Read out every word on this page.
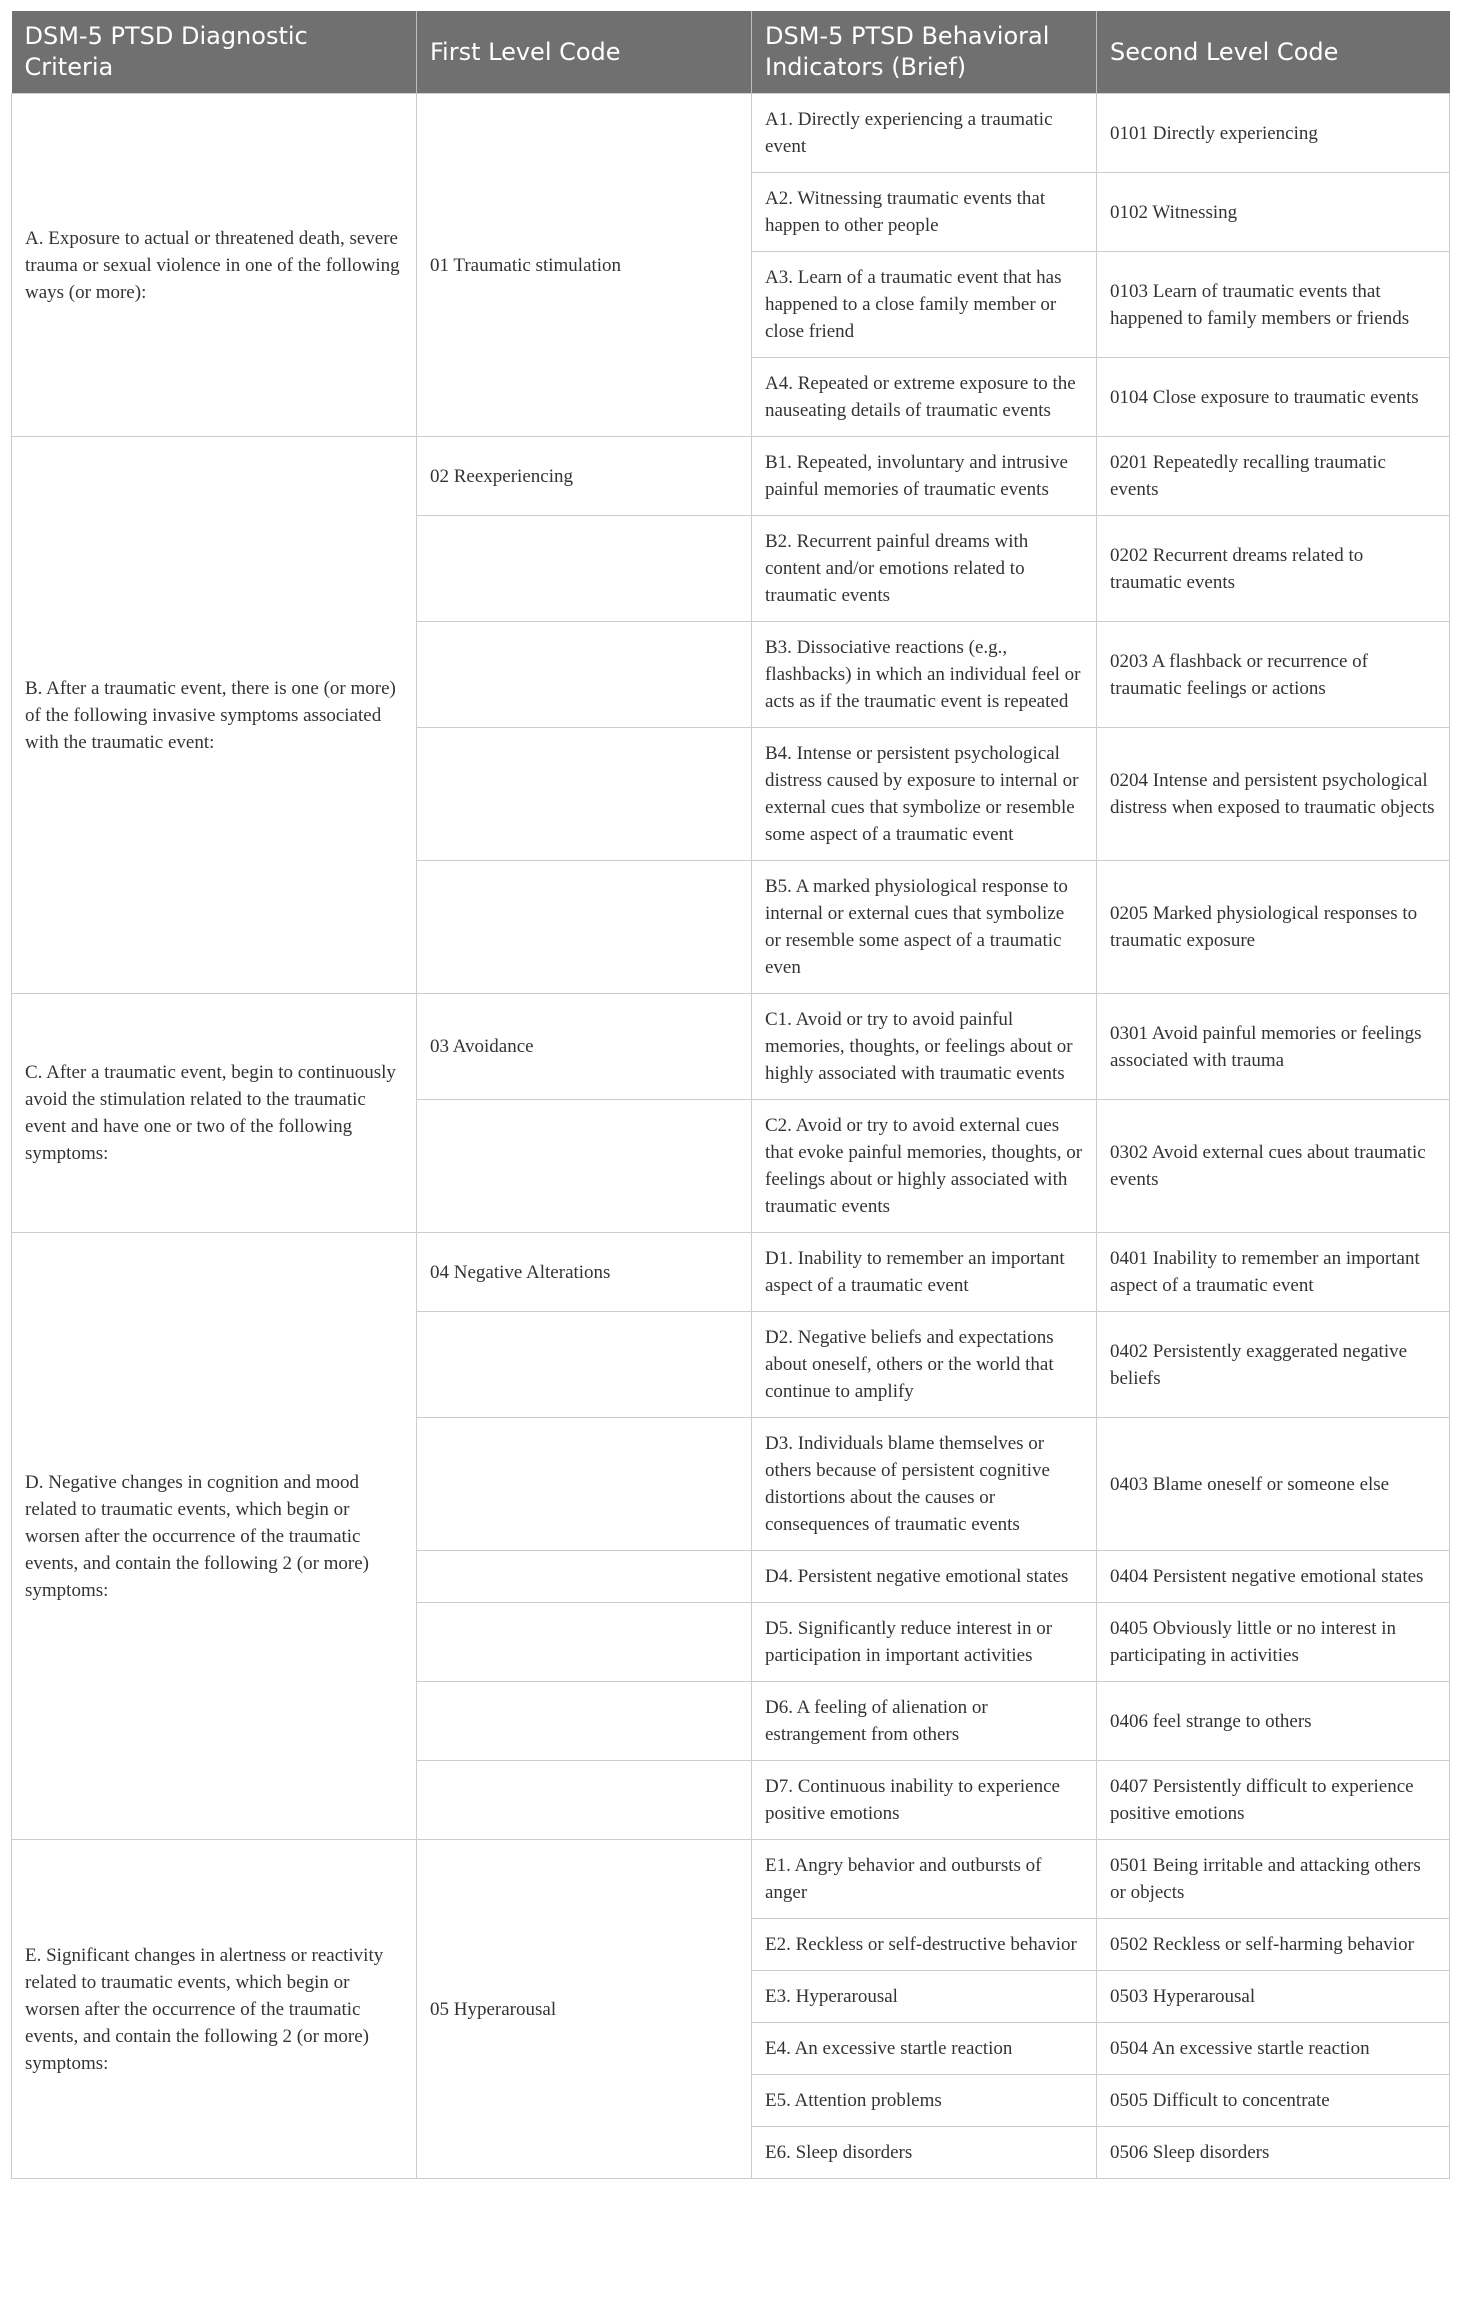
DSM-5 PTSD Diagnostic Criteria	First Level Code	DSM-5 PTSD Behavioral Indicators (Brief)	Second Level Code
A. Exposure to actual or threatened death, severe trauma or sexual violence in one of the following ways (or more):	01 Traumatic stimulation	A1. Directly experiencing a traumatic event	0101 Directly experiencing
		A2. Witnessing traumatic events that happen to other people	0102 Witnessing
		A3. Learn of a traumatic event that has happened to a close family member or close friend	0103 Learn of traumatic events that happened to family members or friends
		A4. Repeated or extreme exposure to the nauseating details of traumatic events	0104 Close exposure to traumatic events
B. After a traumatic event, there is one (or more) of the following invasive symptoms associated with the traumatic event:	02 Reexperiencing	B1. Repeated, involuntary and intrusive painful memories of traumatic events	0201 Repeatedly recalling traumatic events
		B2. Recurrent painful dreams with content and/or emotions related to traumatic events	0202 Recurrent dreams related to traumatic events
		B3. Dissociative reactions (e.g., flashbacks) in which an individual feel or acts as if the traumatic event is repeated	0203 A flashback or recurrence of traumatic feelings or actions
		B4. Intense or persistent psychological distress caused by exposure to internal or external cues that symbolize or resemble some aspect of a traumatic event	0204 Intense and persistent psychological distress when exposed to traumatic objects
		B5. A marked physiological response to internal or external cues that symbolize or resemble some aspect of a traumatic even	0205 Marked physiological responses to traumatic exposure
C. After a traumatic event, begin to continuously avoid the stimulation related to the traumatic event and have one or two of the following symptoms:	03 Avoidance	C1. Avoid or try to avoid painful memories, thoughts, or feelings about or highly associated with traumatic events	0301 Avoid painful memories or feelings associated with trauma
		C2. Avoid or try to avoid external cues that evoke painful memories, thoughts, or feelings about or highly associated with traumatic events	0302 Avoid external cues about traumatic events
D. Negative changes in cognition and mood related to traumatic events, which begin or worsen after the occurrence of the traumatic events, and contain the following 2 (or more) symptoms:	04 Negative Alterations	D1. Inability to remember an important aspect of a traumatic event	0401 Inability to remember an important aspect of a traumatic event
		D2. Negative beliefs and expectations about oneself, others or the world that continue to amplify	0402 Persistently exaggerated negative beliefs
		D3. Individuals blame themselves or others because of persistent cognitive distortions about the causes or consequences of traumatic events	0403 Blame oneself or someone else
		D4. Persistent negative emotional states	0404 Persistent negative emotional states
		D5. Significantly reduce interest in or participation in important activities	0405 Obviously little or no interest in participating in activities
		D6. A feeling of alienation or estrangement from others	0406 feel strange to others
		D7. Continuous inability to experience positive emotions	0407 Persistently difficult to experience positive emotions
E. Significant changes in alertness or reactivity related to traumatic events, which begin or worsen after the occurrence of the traumatic events, and contain the following 2 (or more) symptoms:	05 Hyperarousal	E1. Angry behavior and outbursts of anger	0501 Being irritable and attacking others or objects
		E2. Reckless or self-destructive behavior	0502 Reckless or self-harming behavior
		E3. Hyperarousal	0503 Hyperarousal
		E4. An excessive startle reaction	0504 An excessive startle reaction
		E5. Attention problems	0505 Difficult to concentrate
		E6. Sleep disorders	0506 Sleep disorders
